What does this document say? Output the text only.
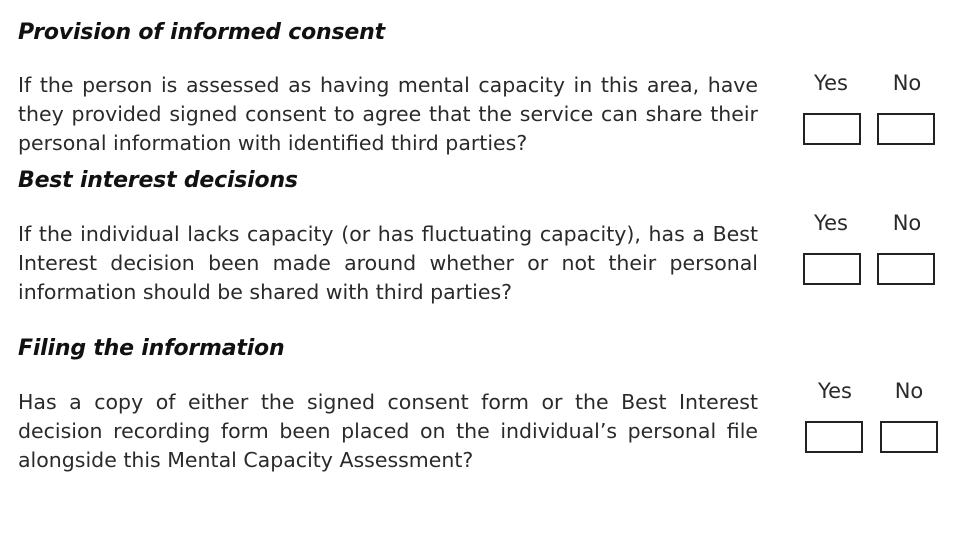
Provision of informed consent
If the person is assessed as having mental capacity in this area, have they provided signed consent to agree that the service can share their personal information with identified third parties?
Yes	No
Best interest decisions
If the individual lacks capacity (or has fluctuating capacity), has a Best Interest decision been made around whether or not their personal information should be shared with third parties?
Yes	No
Filing the information
Has a copy of either the signed consent form or the Best Interest decision recording form been placed on the individual’s personal file alongside this Mental Capacity Assessment?
Yes	No
